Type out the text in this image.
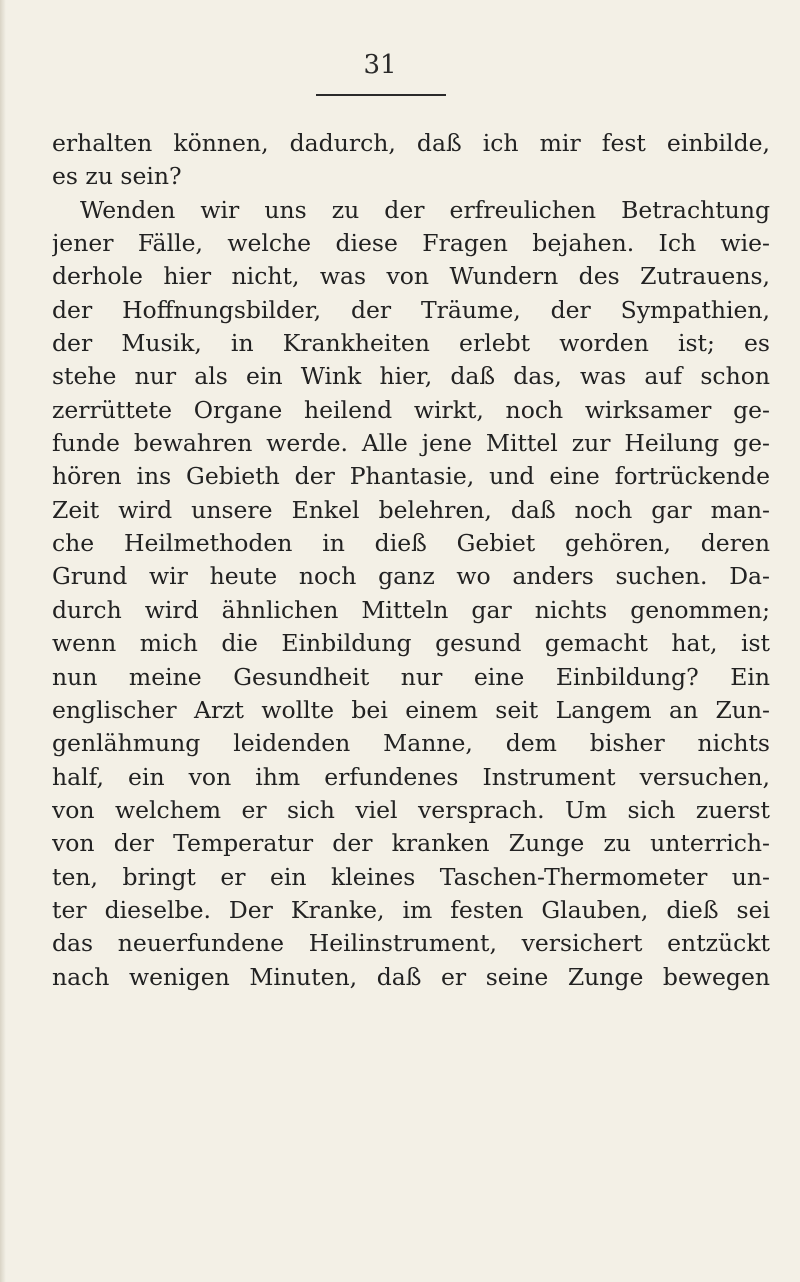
31
erhalten können, dadurch, daß ich mir fest einbilde,
es zu sein?
Wenden wir uns zu der erfreulichen Betrachtung
jener Fälle, welche diese Fragen bejahen. Ich wie-
derhole hier nicht, was von Wundern des Zutrauens,
der Hoffnungsbilder, der Träume, der Sympathien,
der Musik, in Krankheiten erlebt worden ist; es
stehe nur als ein Wink hier, daß das, was auf schon
zerrüttete Organe heilend wirkt, noch wirksamer ge-
funde bewahren werde. Alle jene Mittel zur Heilung ge-
hören ins Gebieth der Phantasie, und eine fortrückende
Zeit wird unsere Enkel belehren, daß noch gar man-
che Heilmethoden in dieß Gebiet gehören, deren
Grund wir heute noch ganz wo anders suchen. Da-
durch wird ähnlichen Mitteln gar nichts genommen;
wenn mich die Einbildung gesund gemacht hat, ist
nun meine Gesundheit nur eine Einbildung? Ein
englischer Arzt wollte bei einem seit Langem an Zun-
genlähmung leidenden Manne, dem bisher nichts
half, ein von ihm erfundenes Instrument versuchen,
von welchem er sich viel versprach. Um sich zuerst
von der Temperatur der kranken Zunge zu unterrich-
ten, bringt er ein kleines Taschen-Thermometer un-
ter dieselbe. Der Kranke, im festen Glauben, dieß sei
das neuerfundene Heilinstrument, versichert entzückt
nach wenigen Minuten, daß er seine Zunge bewegen
